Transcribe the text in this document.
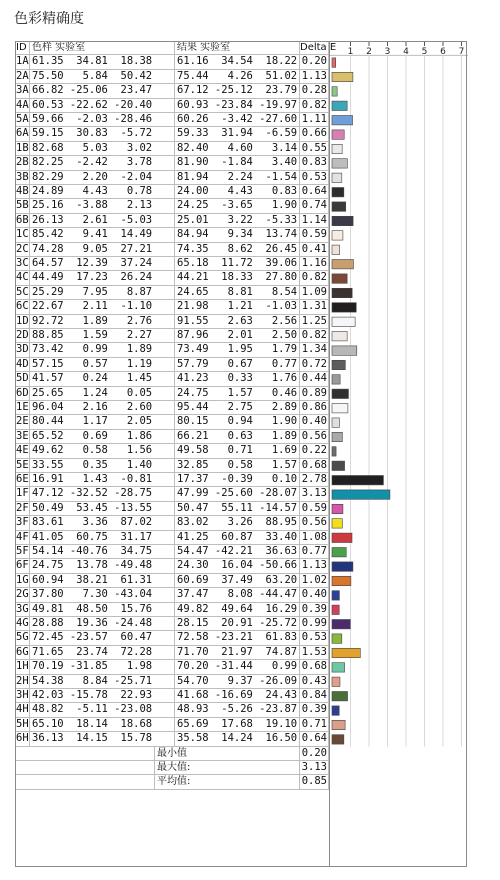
色彩精确度
ID 色样 实验室	结果 实验室	Delta E
1A 61.35  34.81  18.38	61.16  34.54  18.22 0.20
2A 75.50   5.84  50.42	75.44   4.26  51.02 1.13
3A 66.82 -25.06  23.47	67.12 -25.12  23.79 0.28
4A 60.53 -22.62 -20.40	60.93 -23.84 -19.97 0.82
5A 59.66  -2.03 -28.46	60.26  -3.42 -27.60 1.11
6A 59.15  30.83  -5.72	59.33  31.94  -6.59 0.66
1B 82.68   5.03   3.02	82.40   4.60   3.14 0.55
2B 82.25  -2.42   3.78	81.90  -1.84   3.40 0.83
3B 82.29   2.20  -2.04	81.94   2.24  -1.54 0.53
4B 24.89   4.43   0.78	24.00   4.43   0.83 0.64
5B 25.16  -3.88   2.13	24.25  -3.65   1.90 0.74
6B 26.13   2.61  -5.03	25.01   3.22  -5.33 1.14
1C 85.42   9.41  14.49	84.94   9.34  13.74 0.59
2C 74.28   9.05  27.21	74.35   8.62  26.45 0.41
3C 64.57  12.39  37.24	65.18  11.72  39.06 1.16
4C 44.49  17.23  26.24	44.21  18.33  27.80 0.82
5C 25.29   7.95   8.87	24.65   8.81   8.54 1.09
6C 22.67   2.11  -1.10	21.98   1.21  -1.03 1.31
1D 92.72   1.89   2.76	91.55   2.63   2.56 1.25
2D 88.85   1.59   2.27	87.96   2.01   2.50 0.82
3D 73.42   0.99   1.89	73.49   1.95   1.79 1.34
4D 57.15   0.57   1.19	57.79   0.67   0.77 0.72
5D 41.57   0.24   1.45	41.23   0.33   1.76 0.44
6D 25.65   1.24   0.05	24.75   1.57   0.46 0.89
1E 96.04   2.16   2.60	95.44   2.75   2.89 0.86
2E 80.44   1.17   2.05	80.15   0.94   1.90 0.40
3E 65.52   0.69   1.86	66.21   0.63   1.89 0.56
4E 49.62   0.58   1.56	49.58   0.71   1.69 0.22
5E 33.55   0.35   1.40	32.85   0.58   1.57 0.68
6E 16.91   1.43  -0.81	17.37  -0.39   0.10 2.78
1F 47.12 -32.52 -28.75	47.99 -25.60 -28.07 3.13
2F 50.49  53.45 -13.55	50.47  55.11 -14.57 0.59
3F 83.61   3.36  87.02	83.02   3.26  88.95 0.56
4F 41.05  60.75  31.17	41.25  60.87  33.40 1.08
5F 54.14 -40.76  34.75	54.47 -42.21  36.63 0.77
6F 24.75  13.78 -49.48	24.30  16.04 -50.66 1.13
1G 60.94  38.21  61.31	60.69  37.49  63.20 1.02
2G 37.80   7.30 -43.04	37.47   8.08 -44.47 0.40
3G 49.81  48.50  15.76	49.82  49.64  16.29 0.39
4G 28.88  19.36 -24.48	28.15  20.91 -25.72 0.99
5G 72.45 -23.57  60.47	72.58 -23.21  61.83 0.53
6G 71.65  23.74  72.28	71.70  21.97  74.87 1.53
1H 70.19 -31.85   1.98	70.20 -31.44   0.99 0.68
2H 54.38   8.84 -25.71	54.70   9.37 -26.09 0.43
3H 42.03 -15.78  22.93	41.68 -16.69  24.43 0.84
4H 48.82  -5.11 -23.08	48.93  -5.26 -23.87 0.39
5H 65.10  18.14  18.68	65.69  17.68  19.10 0.71
6H 36.13  14.15  15.78	35.58  14.24  16.50 0.64
最小值	0.20
最大值:	3.13
平均值:	0.85
1 2 3 4 5 6 7
